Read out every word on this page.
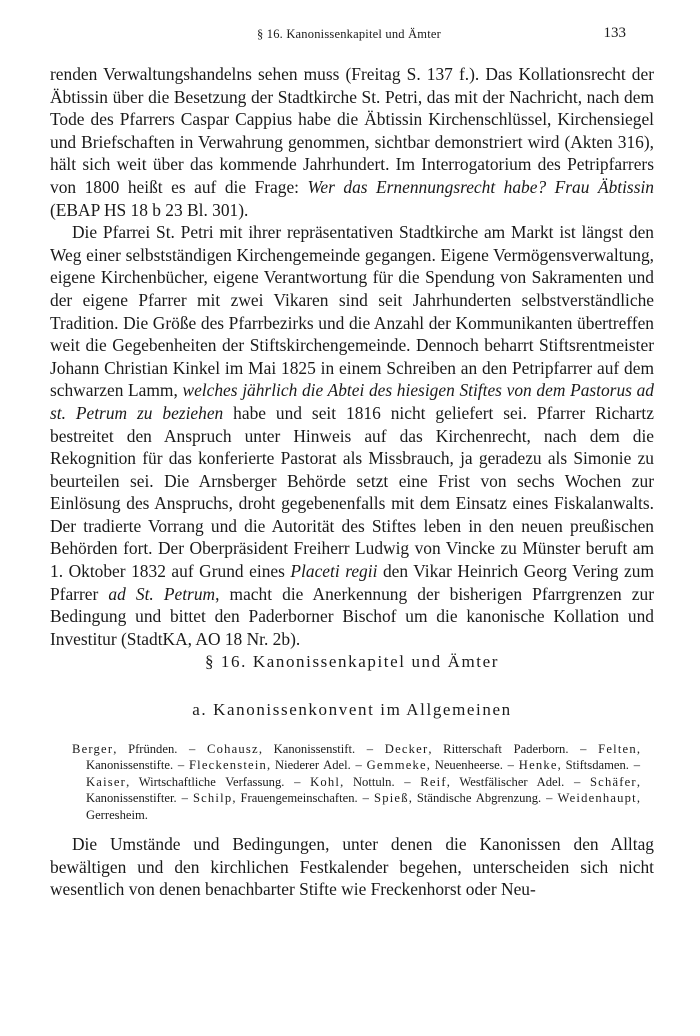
§ 16. Kanonissenkapitel und Ämter	133

renden Verwaltungshandelns sehen muss (Freitag S. 137 f.). Das Kollationsrecht der Äbtissin über die Besetzung der Stadtkirche St. Petri, das mit der Nachricht, nach dem Tode des Pfarrers Caspar Cappius habe die Äbtissin Kirchenschlüssel, Kirchensiegel und Briefschaften in Verwahrung genommen, sichtbar demonstriert wird (Akten 316), hält sich weit über das kommende Jahrhundert. Im Interrogatorium des Petripfarrers von 1800 heißt es auf die Frage: Wer das Ernennungsrecht habe? Frau Äbtissin (EBAP HS 18 b 23 Bl. 301).

Die Pfarrei St. Petri mit ihrer repräsentativen Stadtkirche am Markt ist längst den Weg einer selbstständigen Kirchengemeinde gegangen. Eigene Vermögensverwaltung, eigene Kirchenbücher, eigene Verantwortung für die Spendung von Sakramenten und der eigene Pfarrer mit zwei Vikaren sind seit Jahrhunderten selbstverständliche Tradition. Die Größe des Pfarrbezirks und die Anzahl der Kommunikanten übertreffen weit die Gegebenheiten der Stiftskirchengemeinde. Dennoch beharrt Stiftsrentmeister Johann Christian Kinkel im Mai 1825 in einem Schreiben an den Petripfarrer auf dem schwarzen Lamm, welches jährlich die Abtei des hiesigen Stiftes von dem Pastorus ad st. Petrum zu beziehen habe und seit 1816 nicht geliefert sei. Pfarrer Richartz bestreitet den Anspruch unter Hinweis auf das Kirchenrecht, nach dem die Rekognition für das konferierte Pastorat als Missbrauch, ja geradezu als Simonie zu beurteilen sei. Die Arnsberger Behörde setzt eine Frist von sechs Wochen zur Einlösung des Anspruchs, droht gegebenenfalls mit dem Einsatz eines Fiskalanwalts. Der tradierte Vorrang und die Autorität des Stiftes leben in den neuen preußischen Behörden fort. Der Oberpräsident Freiherr Ludwig von Vincke zu Münster beruft am 1. Oktober 1832 auf Grund eines Placeti regii den Vikar Heinrich Georg Vering zum Pfarrer ad St. Petrum, macht die Anerkennung der bisherigen Pfarrgrenzen zur Bedingung und bittet den Paderborner Bischof um die kanonische Kollation und Investitur (StadtKA, AO 18 Nr. 2b).

§ 16. Kanonissenkapitel und Ämter
a. Kanonissenkonvent im Allgemeinen
Berger, Pfründen. – Cohausz, Kanonissenstift. – Decker, Ritterschaft Paderborn. – Felten, Kanonissenstifte. – Fleckenstein, Niederer Adel. – Gemmeke, Neuenheerse. – Henke, Stiftsdamen. – Kaiser, Wirtschaftliche Verfassung. – Kohl, Nottuln. – Reif, Westfälischer Adel. – Schäfer, Kanonissenstifter. – Schilp, Frauengemeinschaften. – Spieß, Ständische Abgrenzung. – Weidenhaupt, Gerresheim.

Die Umstände und Bedingungen, unter denen die Kanonissen den Alltag bewältigen und den kirchlichen Festkalender begehen, unterscheiden sich nicht wesentlich von denen benachbarter Stifte wie Freckenhorst oder Neu-
